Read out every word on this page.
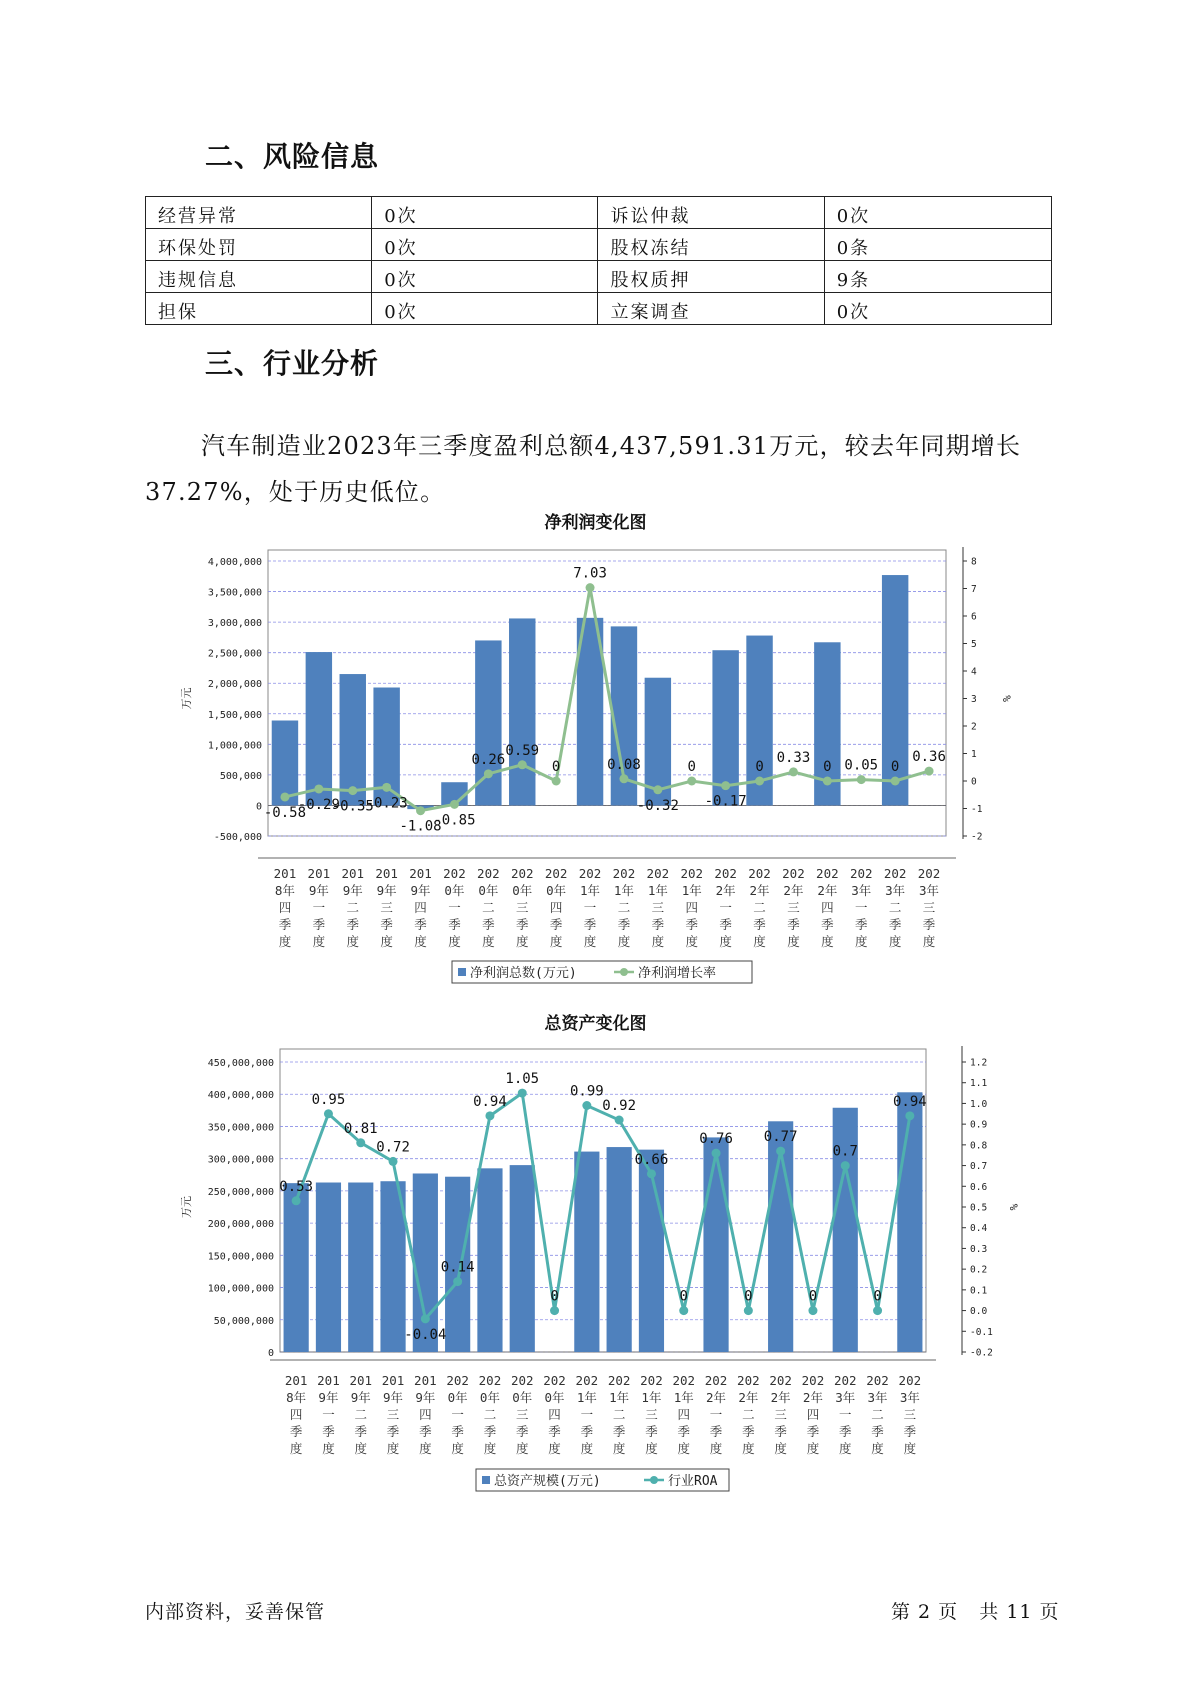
二、风险信息
经营异常	0次	诉讼仲裁	0次
环保处罚	0次	股权冻结	0条
违规信息	0次	股权质押	9条
担保	0次	立案调查	0次
三、行业分析
汽车制造业2023年三季度盈利总额4,437,591.31万元，较去年同期增长37.27%，处于历史低位。
净利润变化图
4,000,000
3,500,000
3,000,000
2,500,000
2,000,000
1,500,000
1,000,000
500,000
0
-500,000
8
7
6
5
4
3
2
1
0
-1
-2
万元	%
-0.58
-0.29
-0.35
-0.23
-1.08
-0.85
0.26
0.59
0
7.03
0.08
-0.32
0
-0.17
0
0.33
0 0.05 0
0.36
201 8年四季度
201 9年一季度
201 9年二季度
201 9年三季度
201 9年四季度
202 0年一季度
202 0年二季度
202 0年三季度
202 0年四季度
202 1年一季度
202 1年二季度
202 1年三季度
202 1年四季度
202 2年一季度
202 2年二季度
202 2年三季度
202 2年四季度
202 3年一季度
202 3年二季度
202 3年三季度
净利润总数(万元)	净利润增长率
总资产变化图
450,000,000
400,000,000
350,000,000
300,000,000
250,000,000
200,000,000
150,000,000
100,000,000
50,000,000
0
1.2
1.1
1.0
0.9
0.8
0.7
0.6
0.5
0.4
0.3
0.2
0.1
0.0
-0.1
-0.2
万元	%
0.53
0.95
0.81
0.72
-0.04
0.14
0.94
1.05
0
0.99
0.92
0.66
0
0.76
0
0.77
0
0.7
0
0.94
201 8年四季度
201 9年一季度
201 9年二季度
201 9年三季度
201 9年四季度
202 0年一季度
202 0年二季度
202 0年三季度
202 0年四季度
202 1年一季度
202 1年二季度
202 1年三季度
202 1年四季度
202 2年一季度
202 2年二季度
202 2年三季度
202 2年四季度
202 3年一季度
202 3年二季度
202 3年三季度
总资产规模(万元)	行业ROA
内部资料，妥善保管	第 2 页   共 11 页
